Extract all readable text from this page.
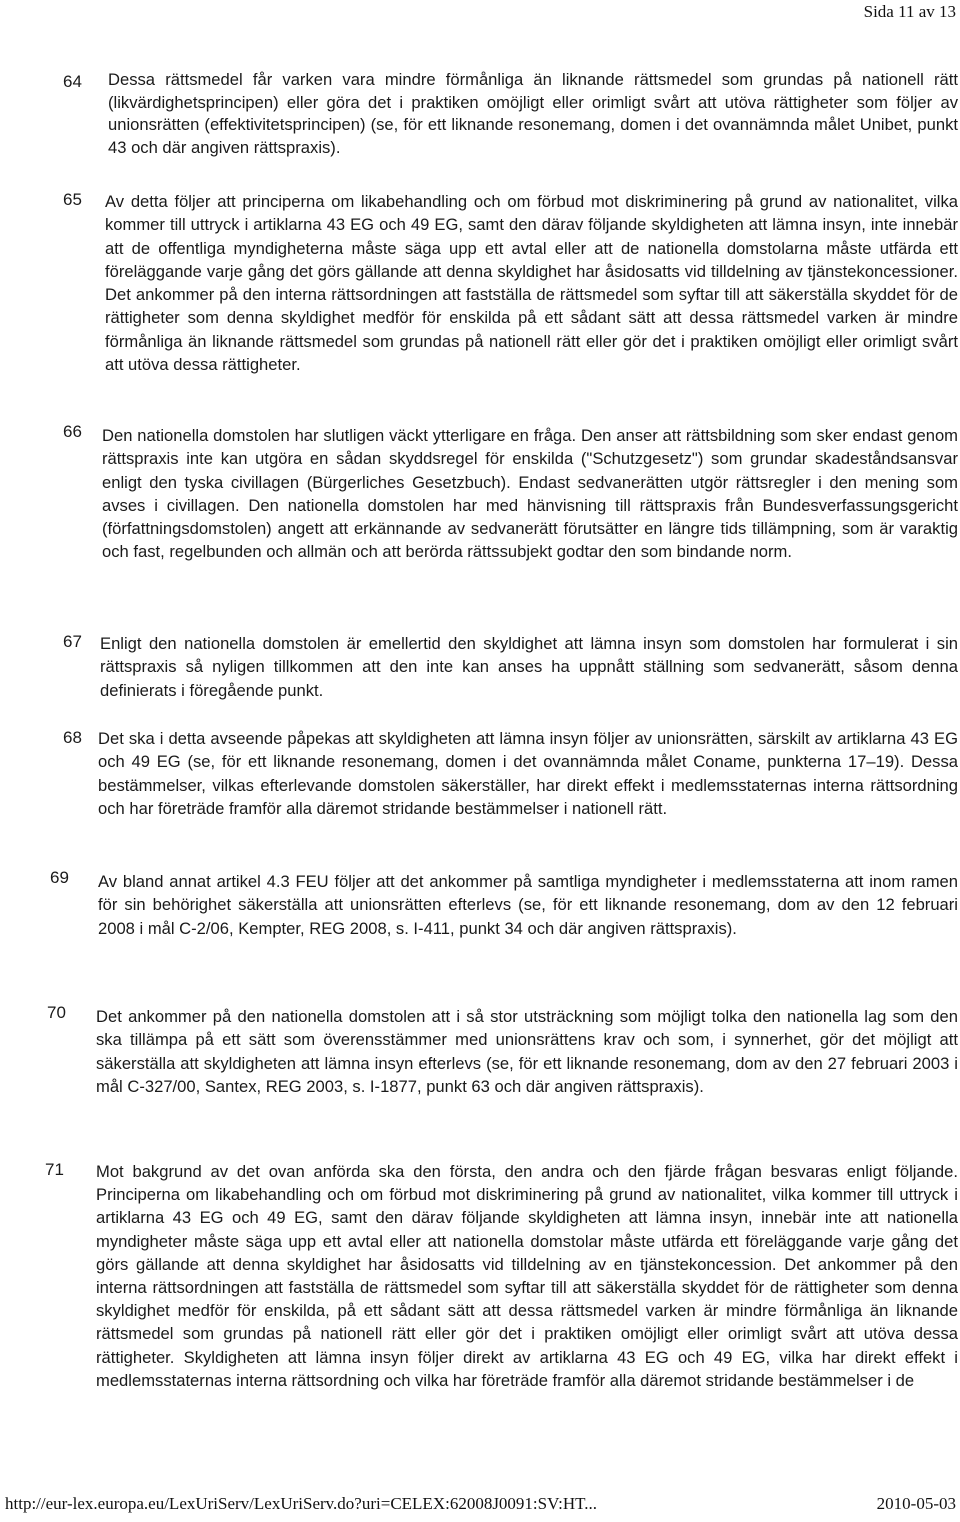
Sida 11 av 13
64 Dessa rättsmedel får varken vara mindre förmånliga än liknande rättsmedel som grundas på nationell rätt (likvärdighetsprincipen) eller göra det i praktiken omöjligt eller orimligt svårt att utöva rättigheter som följer av unionsrätten (effektivitetsprincipen) (se, för ett liknande resonemang, domen i det ovannämnda målet Unibet, punkt 43 och där angiven rättspraxis).
65 Av detta följer att principerna om likabehandling och om förbud mot diskriminering på grund av nationalitet, vilka kommer till uttryck i artiklarna 43 EG och 49 EG, samt den därav följande skyldigheten att lämna insyn, inte innebär att de offentliga myndigheterna måste säga upp ett avtal eller att de nationella domstolarna måste utfärda ett föreläggande varje gång det görs gällande att denna skyldighet har åsidosatts vid tilldelning av tjänstekoncessioner. Det ankommer på den interna rättsordningen att fastställa de rättsmedel som syftar till att säkerställa skyddet för de rättigheter som denna skyldighet medför för enskilda på ett sådant sätt att dessa rättsmedel varken är mindre förmånliga än liknande rättsmedel som grundas på nationell rätt eller gör det i praktiken omöjligt eller orimligt svårt att utöva dessa rättigheter.
66 Den nationella domstolen har slutligen väckt ytterligare en fråga. Den anser att rättsbildning som sker endast genom rättspraxis inte kan utgöra en sådan skyddsregel för enskilda ("Schutzgesetz") som grundar skadeståndsansvar enligt den tyska civillagen (Bürgerliches Gesetzbuch). Endast sedvanerätten utgör rättsregler i den mening som avses i civillagen. Den nationella domstolen har med hänvisning till rättspraxis från Bundesverfassungsgericht (författningsdomstolen) angett att erkännande av sedvanerätt förutsätter en längre tids tillämpning, som är varaktig och fast, regelbunden och allmän och att berörda rättssubjekt godtar den som bindande norm.
67 Enligt den nationella domstolen är emellertid den skyldighet att lämna insyn som domstolen har formulerat i sin rättspraxis så nyligen tillkommen att den inte kan anses ha uppnått ställning som sedvanerätt, såsom denna definierats i föregående punkt.
68 Det ska i detta avseende påpekas att skyldigheten att lämna insyn följer av unionsrätten, särskilt av artiklarna 43 EG och 49 EG (se, för ett liknande resonemang, domen i det ovannämnda målet Coname, punkterna 17–19). Dessa bestämmelser, vilkas efterlevande domstolen säkerställer, har direkt effekt i medlemsstaternas interna rättsordning och har företräde framför alla däremot stridande bestämmelser i nationell rätt.
69 Av bland annat artikel 4.3 FEU följer att det ankommer på samtliga myndigheter i medlemsstaterna att inom ramen för sin behörighet säkerställa att unionsrätten efterlevs (se, för ett liknande resonemang, dom av den 12 februari 2008 i mål C‑2/06, Kempter, REG 2008, s. I‑411, punkt 34 och där angiven rättspraxis).
70 Det ankommer på den nationella domstolen att i så stor utsträckning som möjligt tolka den nationella lag som den ska tillämpa på ett sätt som överensstämmer med unionsrättens krav och som, i synnerhet, gör det möjligt att säkerställa att skyldigheten att lämna insyn efterlevs (se, för ett liknande resonemang, dom av den 27 februari 2003 i mål C‑327/00, Santex, REG 2003, s. I‑1877, punkt 63 och där angiven rättspraxis).
71 Mot bakgrund av det ovan anförda ska den första, den andra och den fjärde frågan besvaras enligt följande. Principerna om likabehandling och om förbud mot diskriminering på grund av nationalitet, vilka kommer till uttryck i artiklarna 43 EG och 49 EG, samt den därav följande skyldigheten att lämna insyn, innebär inte att nationella myndigheter måste säga upp ett avtal eller att nationella domstolar måste utfärda ett föreläggande varje gång det görs gällande att denna skyldighet har åsidosatts vid tilldelning av en tjänstekoncession. Det ankommer på den interna rättsordningen att fastställa de rättsmedel som syftar till att säkerställa skyddet för de rättigheter som denna skyldighet medför för enskilda, på ett sådant sätt att dessa rättsmedel varken är mindre förmånliga än liknande rättsmedel som grundas på nationell rätt eller gör det i praktiken omöjligt eller orimligt svårt att utöva dessa rättigheter. Skyldigheten att lämna insyn följer direkt av artiklarna 43 EG och 49 EG, vilka har direkt effekt i medlemsstaternas interna rättsordning och vilka har företräde framför alla däremot stridande bestämmelser i de
http://eur-lex.europa.eu/LexUriServ/LexUriServ.do?uri=CELEX:62008J0091:SV:HT...	2010-05-03
